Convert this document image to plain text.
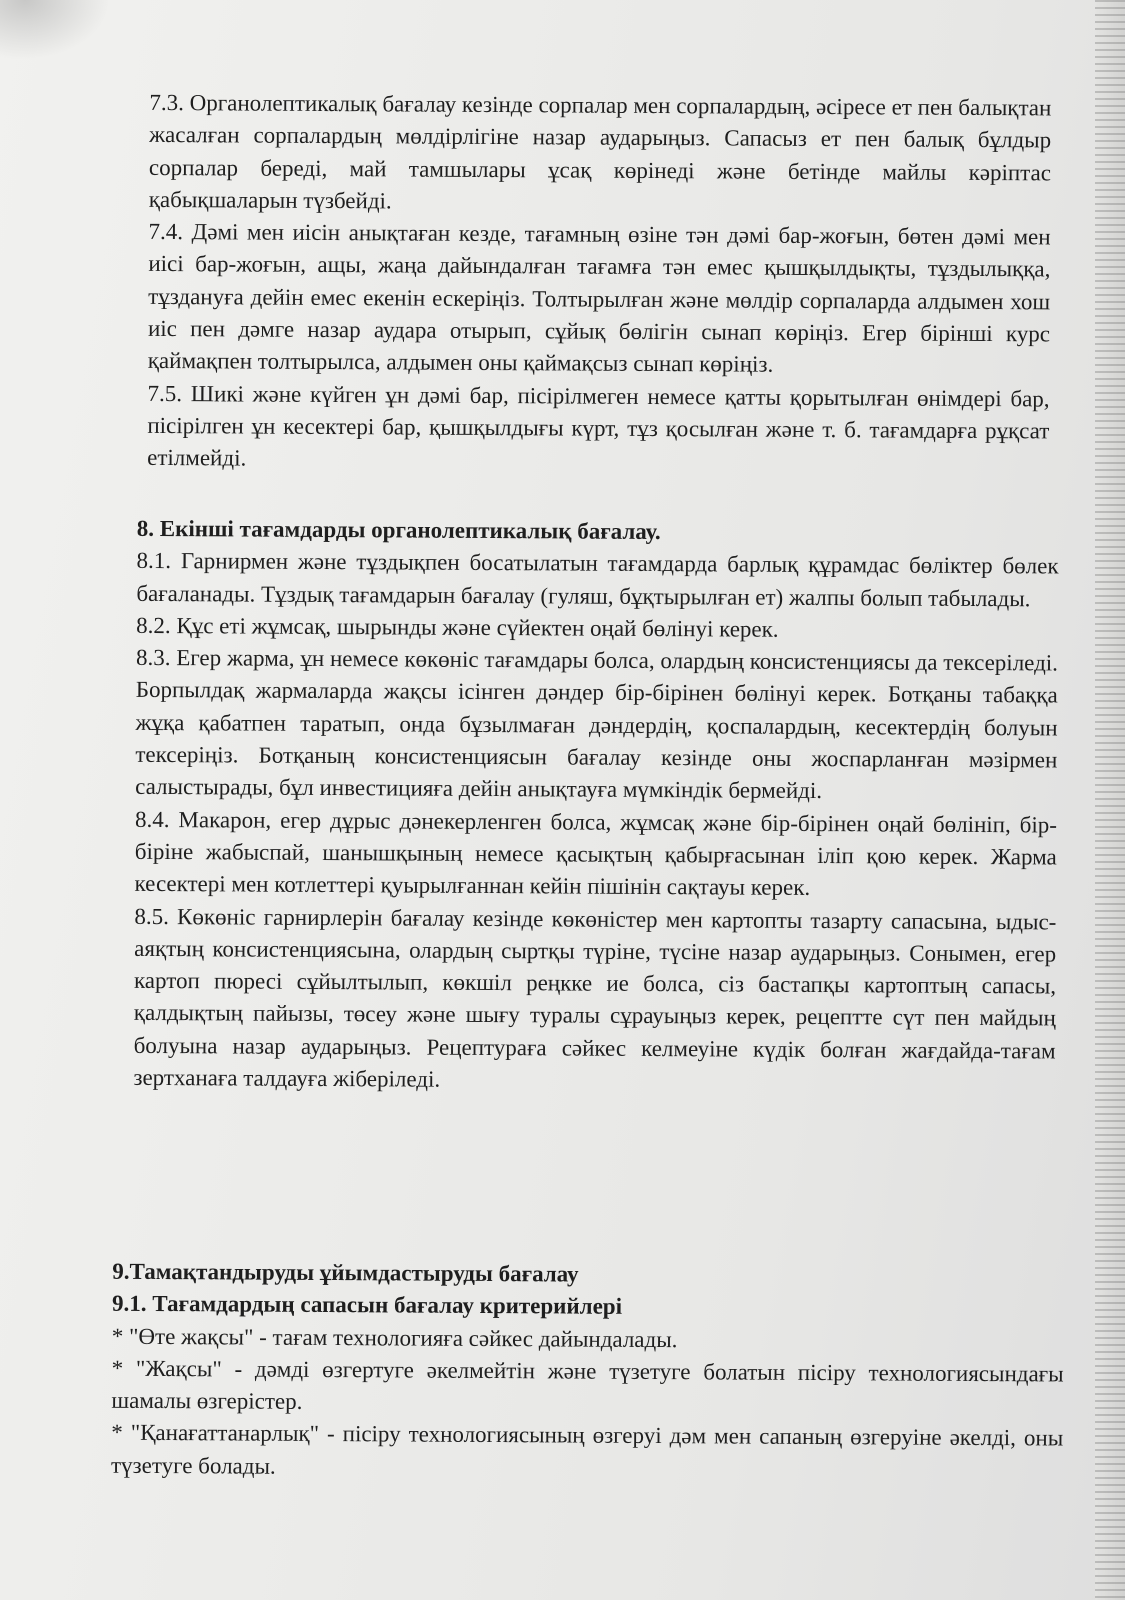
7.3. Органолептикалық бағалау кезінде сорпалар мен сорпалардың, әсіресе ет пен балықтан жасалған сорпалардың мөлдірлігіне назар аударыңыз. Сапасыз ет пен балық бұлдыр сорпалар береді, май тамшылары ұсақ көрінеді және бетінде майлы кәріптас қабықшаларын түзбейді.

7.4. Дәмі мен иісін анықтаған кезде, тағамның өзіне тән дәмі бар-жоғын, бөтен дәмі мен иісі бар-жоғын, ащы, жаңа дайындалған тағамға тән емес қышқылдықты, тұздылыққа, тұздануға дейін емес екенін ескеріңіз. Толтырылған және мөлдір сорпаларда алдымен хош иіс пен дәмге назар аудара отырып, сұйық бөлігін сынап көріңіз. Егер бірінші курс қаймақпен толтырылса, алдымен оны қаймақсыз сынап көріңіз.

7.5. Шикі және күйген ұн дәмі бар, пісірілмеген немесе қатты қорытылған өнімдері бар, пісірілген ұн кесектері бар, қышқылдығы күрт, тұз қосылған және т. б. тағамдарға рұқсат етілмейді.

8. Екінші тағамдарды органолептикалық бағалау.

8.1. Гарнирмен және тұздықпен босатылатын тағамдарда барлық құрамдас бөліктер бөлек бағаланады. Тұздық тағамдарын бағалау (гуляш, бұқтырылған ет) жалпы болып табылады.

8.2. Құс еті жұмсақ, шырынды және сүйектен оңай бөлінуі керек.

8.3. Егер жарма, ұн немесе көкөніс тағамдары болса, олардың консистенциясы да тексеріледі. Борпылдақ жармаларда жақсы ісінген дәндер бір-бірінен бөлінуі керек. Ботқаны табаққа жұқа қабатпен таратып, онда бұзылмаған дәндердің, қоспалардың, кесектердің болуын тексеріңіз. Ботқаның консистенциясын бағалау кезінде оны жоспарланған мәзірмен салыстырады, бұл инвестицияға дейін анықтауға мүмкіндік бермейді.

8.4. Макарон, егер дұрыс дәнекерленген болса, жұмсақ және бір-бірінен оңай бөлініп, бір-біріне жабыспай, шанышқының немесе қасықтың қабырғасынан іліп қою керек. Жарма кесектері мен котлеттері қуырылғаннан кейін пішінін сақтауы керек.

8.5. Көкөніс гарнирлерін бағалау кезінде көкөністер мен картопты тазарту сапасына, ыдыс-аяқтың консистенциясына, олардың сыртқы түріне, түсіне назар аударыңыз. Сонымен, егер картоп пюресі сұйылтылып, көкшіл реңкке ие болса, сіз бастапқы картоптың сапасы, қалдықтың пайызы, төсеу және шығу туралы сұрауыңыз керек, рецептте сүт пен майдың болуына назар аударыңыз. Рецептураға сәйкес келмеуіне күдік болған жағдайда-тағам зертханаға талдауға жіберіледі.

9.Тамақтандыруды ұйымдастыруды бағалау

9.1. Тағамдардың сапасын бағалау критерийлері

* "Өте жақсы" - тағам технологияға сәйкес дайындалады.

* "Жақсы" - дәмді өзгертуге әкелмейтін және түзетуге болатын пісіру технологиясындағы шамалы өзгерістер.

* "Қанағаттанарлық" - пісіру технологиясының өзгеруі дәм мен сапаның өзгеруіне әкелді, оны түзетуге болады.
